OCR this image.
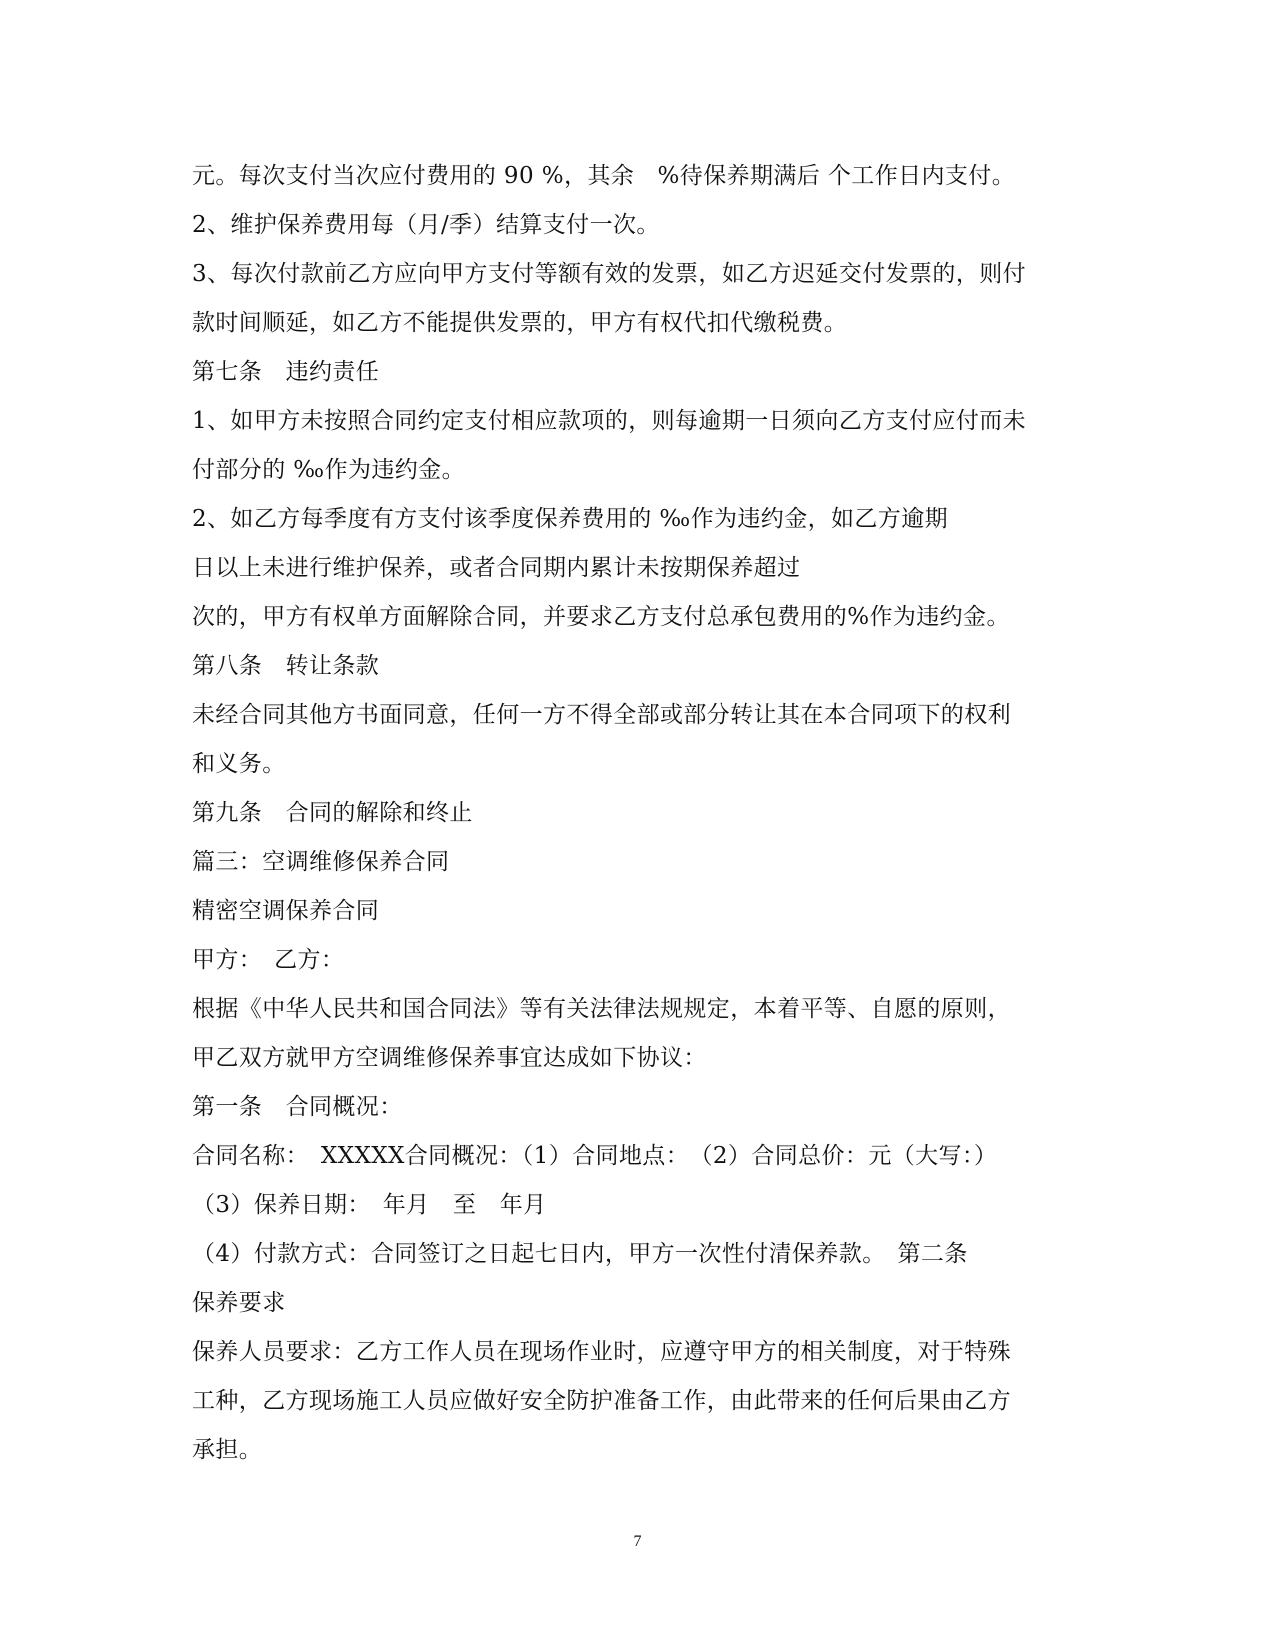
元。每次支付当次应付费用的 90 %，其余　%待保养期满后 个工作日内支付。
2、维护保养费用每（月/季）结算支付一次。
3、每次付款前乙方应向甲方支付等额有效的发票，如乙方迟延交付发票的，则付
款时间顺延，如乙方不能提供发票的，甲方有权代扣代缴税费。
第七条　违约责任
1、如甲方未按照合同约定支付相应款项的，则每逾期一日须向乙方支付应付而未
付部分的 ‰作为违约金。
2、如乙方每季度有方支付该季度保养费用的 ‰作为违约金，如乙方逾期
日以上未进行维护保养，或者合同期内累计未按期保养超过
次的，甲方有权单方面解除合同，并要求乙方支付总承包费用的%作为违约金。
第八条　转让条款
未经合同其他方书面同意，任何一方不得全部或部分转让其在本合同项下的权利
和义务。
第九条　合同的解除和终止
篇三：空调维修保养合同
精密空调保养合同
甲方：　乙方：
根据《中华人民共和国合同法》等有关法律法规规定，本着平等、自愿的原则，
甲乙双方就甲方空调维修保养事宜达成如下协议：
第一条　合同概况：
合同名称：　XXXXX合同概况：（1）合同地点：　（2）合同总价：元（大写：）
（3）保养日期：　年月　至　年月
（4）付款方式：合同签订之日起七日内，甲方一次性付清保养款。　第二条
保养要求
保养人员要求：乙方工作人员在现场作业时，应遵守甲方的相关制度，对于特殊
工种，乙方现场施工人员应做好安全防护准备工作，由此带来的任何后果由乙方
承担。
7
